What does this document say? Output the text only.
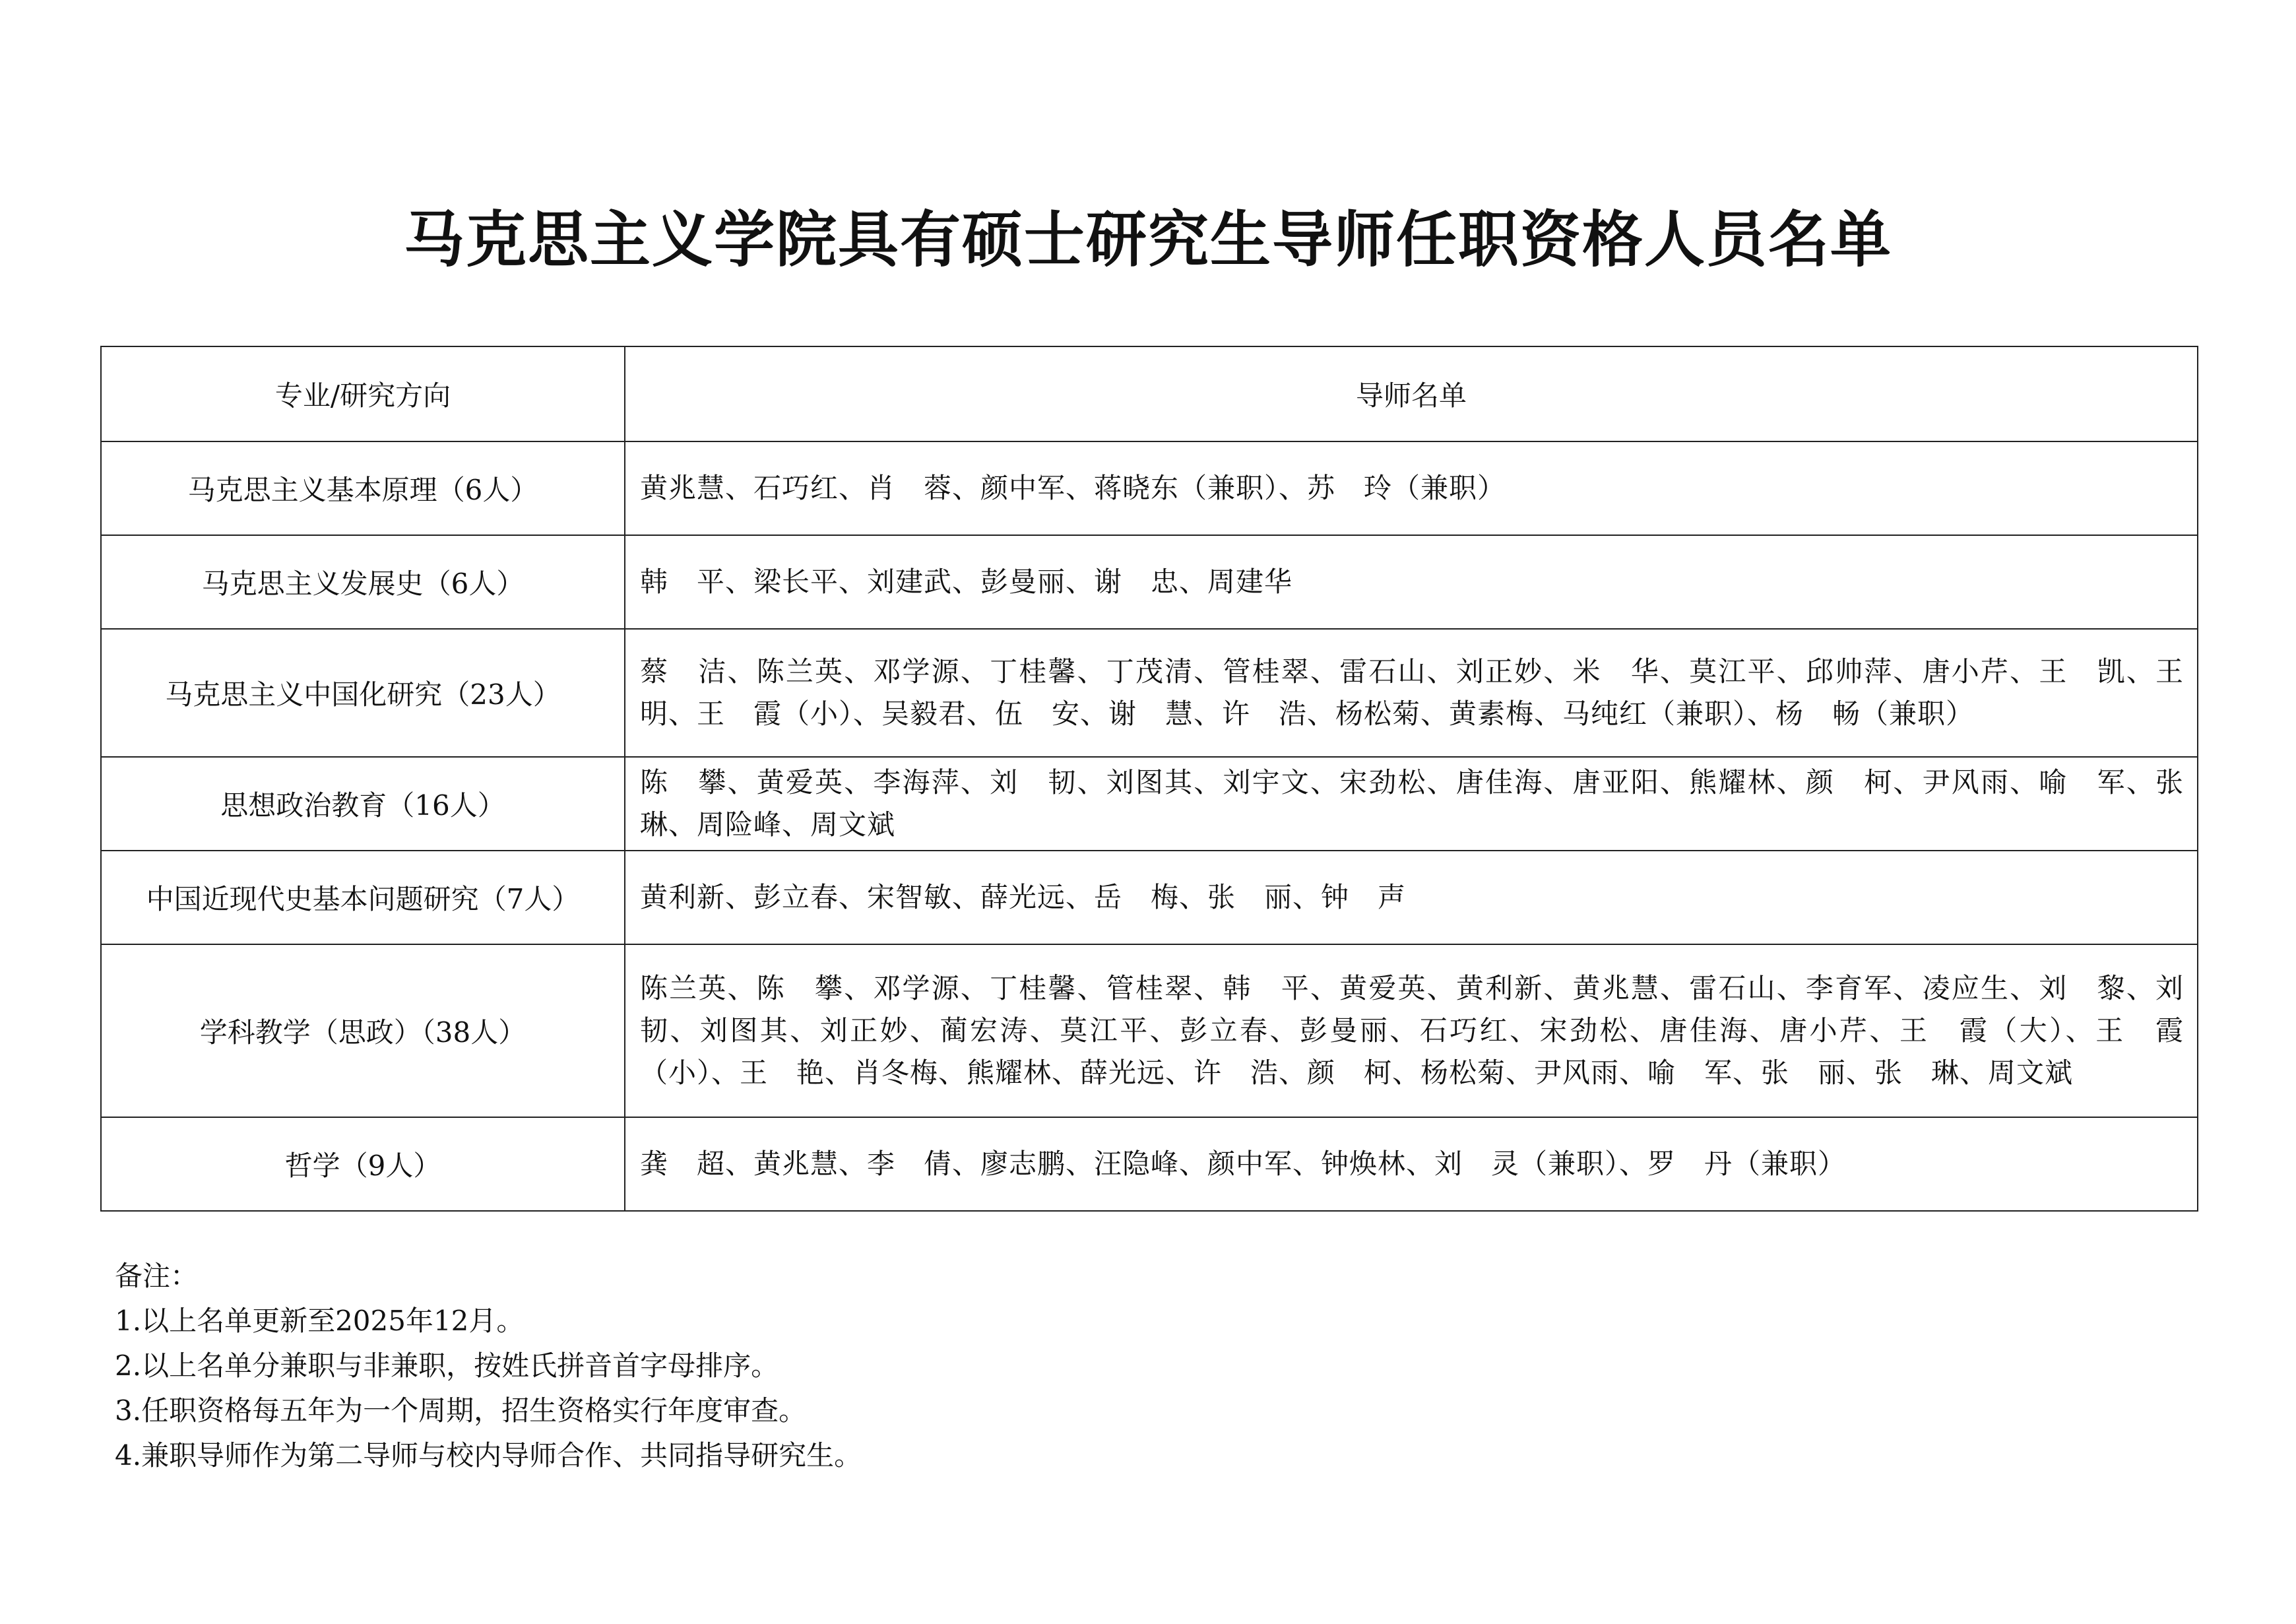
马克思主义学院具有硕士研究生导师任职资格人员名单
专业/研究方向	导师名单
马克思主义基本原理（6人）	黄兆慧、石巧红、肖　蓉、颜中军、蒋晓东（兼职）、苏　玲（兼职）
马克思主义发展史（6人）	韩　平、梁长平、刘建武、彭曼丽、谢　忠、周建华
马克思主义中国化研究（23人）	蔡　洁、陈兰英、邓学源、丁桂馨、丁茂清、管桂翠、雷石山、刘正妙、米　华、莫江平、邱帅萍、唐小芹、王　凯、王　明、王　霞（小）、吴毅君、伍　安、谢　慧、许　浩、杨松菊、黄素梅、马纯红（兼职）、杨　畅（兼职）
思想政治教育（16人）	陈　攀、黄爱英、李海萍、刘　韧、刘图其、刘宇文、宋劲松、唐佳海、唐亚阳、熊耀林、颜　柯、尹风雨、喻　军、张　琳、周险峰、周文斌
中国近现代史基本问题研究（7人）	黄利新、彭立春、宋智敏、薛光远、岳　梅、张　丽、钟　声
学科教学（思政）（38人）	陈兰英、陈　攀、邓学源、丁桂馨、管桂翠、韩　平、黄爱英、黄利新、黄兆慧、雷石山、李育军、凌应生、刘　黎、刘　韧、刘图其、刘正妙、蔺宏涛、莫江平、彭立春、彭曼丽、石巧红、宋劲松、唐佳海、唐小芹、王　霞（大）、王　霞（小）、王　艳、肖冬梅、熊耀林、薛光远、许　浩、颜　柯、杨松菊、尹风雨、喻　军、张　丽、张　琳、周文斌
哲学（9人）	龚　超、黄兆慧、李　倩、廖志鹏、汪隐峰、颜中军、钟焕林、刘　灵（兼职）、罗　丹（兼职）
备注：
1.以上名单更新至2025年12月。
2.以上名单分兼职与非兼职，按姓氏拼音首字母排序。
3.任职资格每五年为一个周期，招生资格实行年度审查。
4.兼职导师作为第二导师与校内导师合作、共同指导研究生。
